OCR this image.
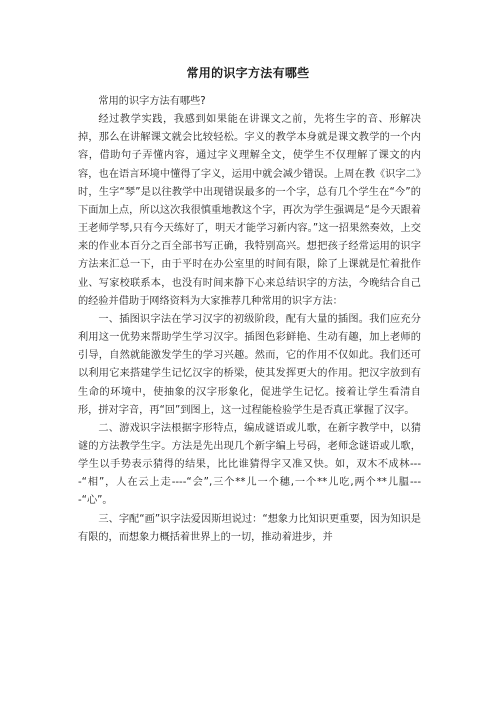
常用的识字方法有哪些

常用的识字方法有哪些?

经过教学实践，我感到如果能在讲课文之前，先将生字的音、形解决掉，那么在讲解课文就会比较轻松。字义的教学本身就是课文教学的一个内容，借助句子弄懂内容，通过字义理解全文，使学生不仅理解了课文的内容，也在语言环境中懂得了字义，运用中就会减少错误。上周在教《识字二》时，生字“琴”是以往教学中出现错误最多的一个字，总有几个学生在“今”的下面加上点，所以这次我很慎重地教这个字，再次为学生强调是“是今天跟着王老师学琴,只有今天练好了，明天才能学习新内容。”这一招果然奏效，上交来的作业本百分之百全部书写正确，我特别高兴。想把孩子经常运用的识字方法来汇总一下，由于平时在办公室里的时间有限，除了上课就是忙着批作业、写家校联系本，也没有时间来静下心来总结识字的方法，今晚结合自己的经验并借助于网络资料为大家推荐几种常用的识字方法：

一、插图识字法在学习汉字的初级阶段，配有大量的插图。我们应充分利用这一优势来帮助学生学习汉字。插图色彩鲜艳、生动有趣，加上老师的引导，自然就能激发学生的学习兴趣。然而，它的作用不仅如此。我们还可以利用它来搭建学生记忆汉字的桥梁，使其发挥更大的作用。把汉字放到有生命的环境中，使抽象的汉字形象化，促进学生记忆。接着让学生看清自形，拼对字音，再“回”到图上，这一过程能检验学生是否真正掌握了汉字。

二、游戏识字法根据字形特点，编成谜语或儿歌，在新字教学中，以猜谜的方法教学生字。方法是先出现几个新字编上号码，老师念谜语或儿歌，学生以手势表示猜得的结果，比比谁猜得字又准又快。如，双木不成林----“相”，人在云上走----“会”,三个**儿一个穗,一个**儿吃,两个**儿腽----“心”。

三、字配“画”识字法爱因斯坦说过：“想象力比知识更重要，因为知识是有限的，而想象力概括着世界上的一切，推动着进步，并
